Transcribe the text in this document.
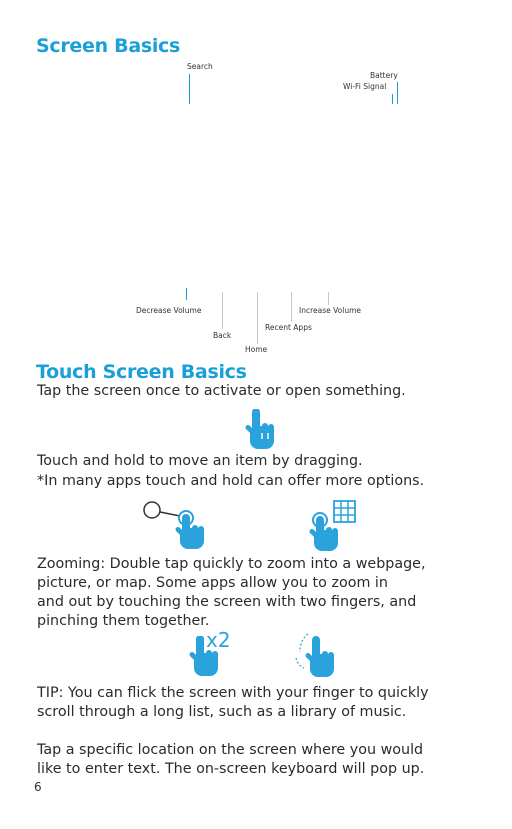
Screen Basics
Search
Battery
Wi-Fi Signal
Decrease Volume	Increase Volume
Recent Apps
Back
Home
Touch Screen Basics

Tap the screen once to activate or open something.

Touch and hold to move an item by dragging.

*In many apps touch and hold can offer more options.

Zooming: Double tap quickly to zoom into a webpage,

picture, or map. Some apps allow you to zoom in

and out by touching the screen with two fingers, and

pinching them together.

x2

TIP: You can flick the screen with your finger to quickly

scroll through a long list, such as a library of music.

Tap a specific location on the screen where you would

like to enter text. The on-screen keyboard will pop up.

6
